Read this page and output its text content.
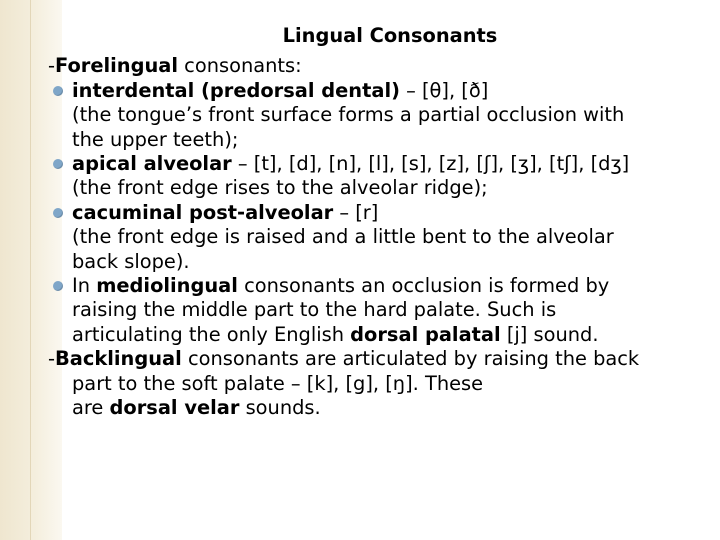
Lingual Consonants
-Forelingual consonants:
interdental (predorsal dental) – [θ], [ð]
(the tongue’s front surface forms a partial occlusion with
the upper teeth);
apical alveolar – [t], [d], [n], [l], [s], [z], [ʃ], [ʒ], [tʃ], [dʒ]
(the front edge rises to the alveolar ridge);
cacuminal post-alveolar – [r]
(the front edge is raised and a little bent to the alveolar
back slope).
In mediolingual consonants an occlusion is formed by
raising the middle part to the hard palate. Such is
articulating the only English dorsal palatal [j] sound.
-Backlingual consonants are articulated by raising the back
part to the soft palate – [k], [g], [ŋ]. These
are dorsal velar sounds.
